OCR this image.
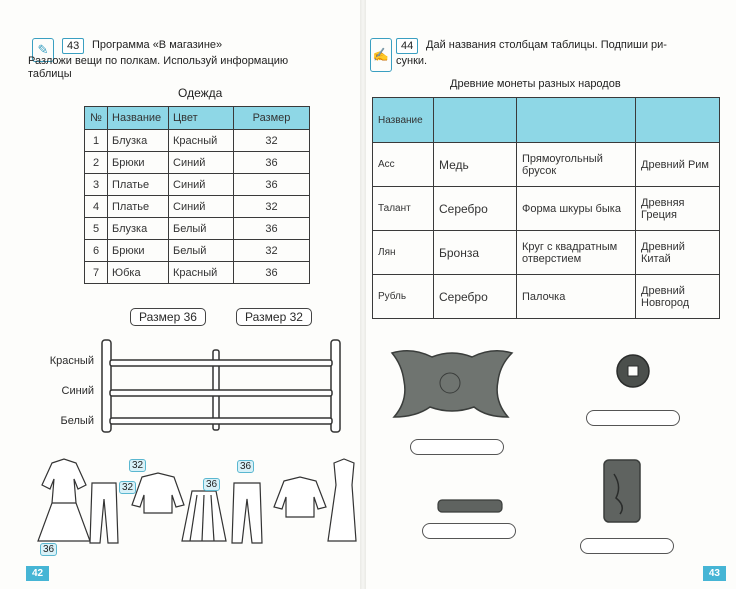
✎	43	Программа «В магазине»
Разложи вещи по полкам. Используй информацию
таблицы
Одежда
№	Название	Цвет	Размер
1	Блузка	Красный	32
2	Брюки	Синий	36
3	Платье	Синий	36
4	Платье	Синий	32
5	Блузка	Белый	36
6	Брюки	Белый	32
7	Юбка	Красный	36
Размер 36	Размер 32
Красный
Синий
Белый
32
32	36
36
36
42
✍
44	Дай названия столбцам таблицы. Подпиши ри-
сунки.
Древние монеты разных народов
Название			
Асс	Медь	Прямоугольный брусок	Древний Рим
Талант	Серебро	Форма шкуры быка	Древняя Греция
Лян	Бронза	Круг с квадратным отверстием	Древний Китай
Рубль	Серебро	Палочка	Древний Новгород
43
